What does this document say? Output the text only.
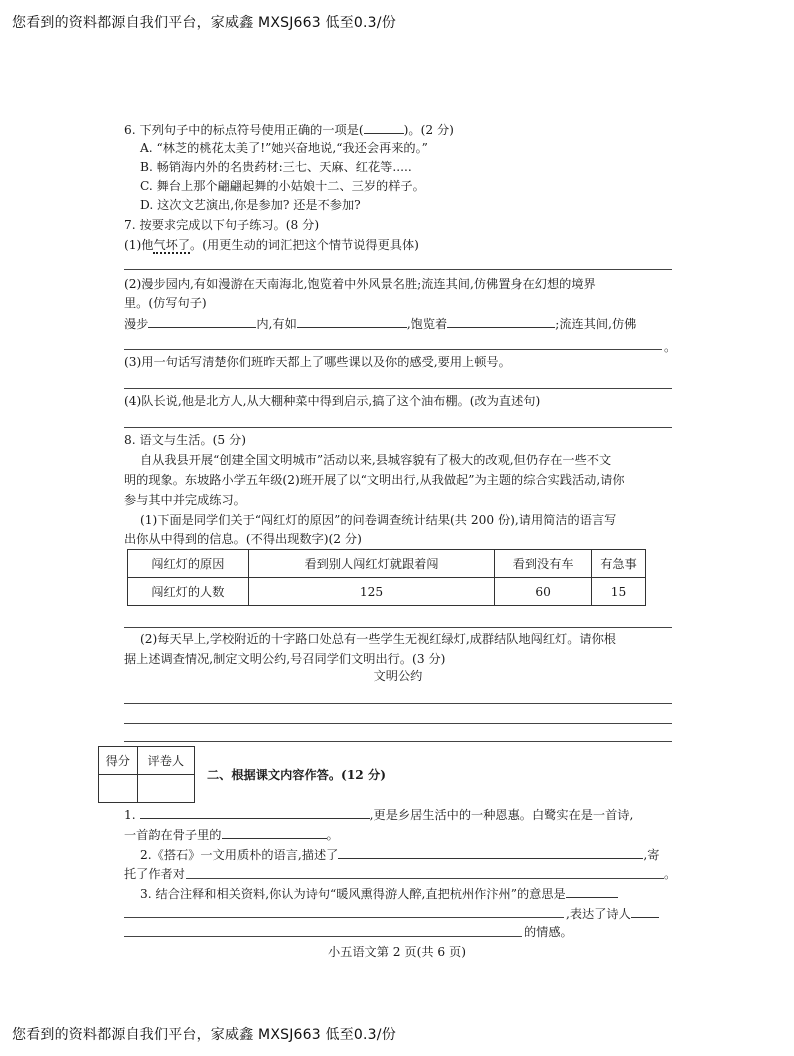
您看到的资料都源自我们平台，家威鑫 MXSJ663 低至0.3/份
您看到的资料都源自我们平台，家威鑫 MXSJ663 低至0.3/份
6. 下列句子中的标点符号使用正确的一项是(	)。(2 分)
A. “林芝的桃花太美了!”她兴奋地说,“我还会再来的。”
B. 畅销海内外的名贵药材:三七、天麻、红花等.....
C. 舞台上那个翩翩起舞的小姑娘十二、三岁的样子。
D. 这次文艺演出,你是参加? 还是不参加?
7. 按要求完成以下句子练习。(8 分)
(1)他气坏了。(用更生动的词汇把这个情节说得更具体)
(2)漫步园内,有如漫游在天南海北,饱览着中外风景名胜;流连其间,仿佛置身在幻想的境界
里。(仿写句子)
漫步	内,有如	,饱览着	;流连其间,仿佛
。
(3)用一句话写清楚你们班昨天都上了哪些课以及你的感受,要用上顿号。
(4)队长说,他是北方人,从大棚种菜中得到启示,搞了这个油布棚。(改为直述句)
8. 语文与生活。(5 分)
自从我县开展“创建全国文明城市”活动以来,县城容貌有了极大的改观,但仍存在一些不文
明的现象。东坡路小学五年级(2)班开展了以“文明出行,从我做起”为主题的综合实践活动,请你
参与其中并完成练习。
(1)下面是同学们关于“闯红灯的原因”的问卷调查统计结果(共 200 份),请用简洁的语言写
出你从中得到的信息。(不得出现数字)(2 分)
闯红灯的原因	看到别人闯红灯就跟着闯	看到没有车	有急事
闯红灯的人数	125	60	15
(2)每天早上,学校附近的十字路口处总有一些学生无视红绿灯,成群结队地闯红灯。请你根
据上述调查情况,制定文明公约,号召同学们文明出行。(3 分)
文明公约
得分	评卷人

二、根据课文内容作答。(12 分)
1.	,更是乡居生活中的一种恩惠。白鹭实在是一首诗,
一首韵在骨子里的	。
2.《搭石》一文用质朴的语言,描述了	,寄
托了作者对	。
3. 结合注释和相关资料,你认为诗句“暖风熏得游人醉,直把杭州作汴州”的意思是
,表达了诗人
的情感。
小五语文第 2 页(共 6 页)
